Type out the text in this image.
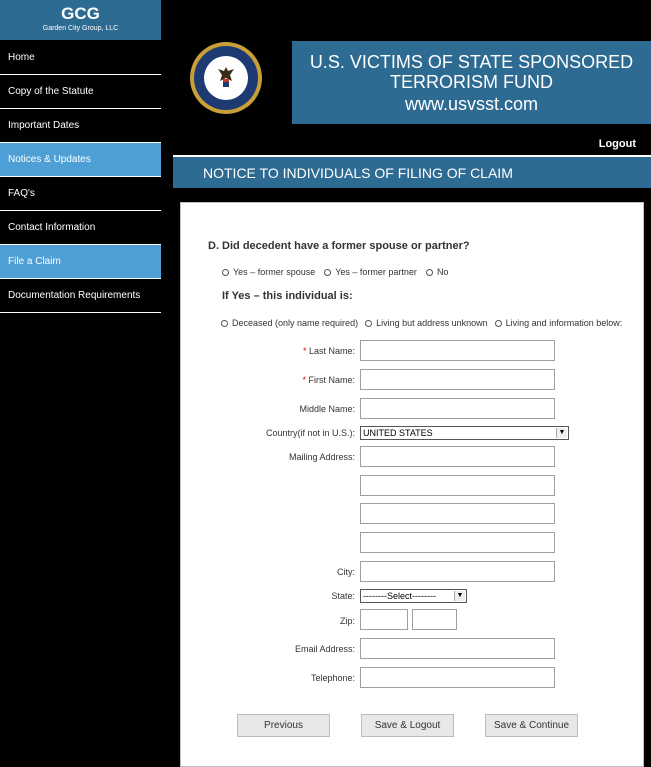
GCG
Garden City Group, LLC
Home
Copy of the Statute
Important Dates
Notices & Updates
FAQ's
Contact Information
File a Claim
Documentation Requirements
U.S. VICTIMS OF STATE SPONSORED
TERRORISM FUND
www.usvsst.com
Logout
NOTICE TO INDIVIDUALS OF FILING OF CLAIM
D. Did decedent have a former spouse or partner?
Yes – former spouse Yes – former partner No
If Yes – this individual is:
Deceased (only name required) Living but address unknown Living and information below:
* Last Name:
* First Name:
Middle Name:
Country(if not in U.S.): UNITED STATES	▼
Mailing Address:
City:
State: --------Select--------	▼
Zip:
Email Address:
Telephone:
Previous	Save & Logout	Save & Continue
